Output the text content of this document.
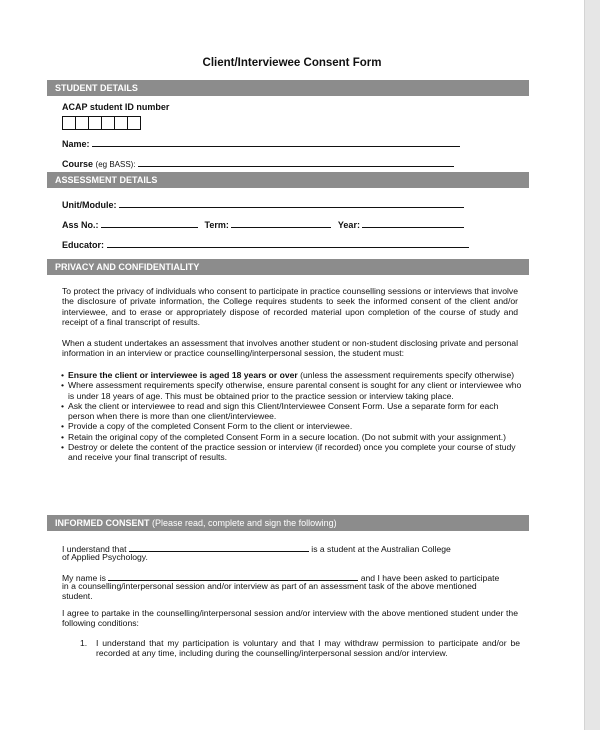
Client/Interviewee Consent Form
STUDENT DETAILS
ACAP student ID number
Name:
Course (eg BASS):
ASSESSMENT DETAILS
Unit/Module:
Ass No.:	Term:	Year:
Educator:
PRIVACY AND CONFIDENTIALITY
To protect the privacy of individuals who consent to participate in practice counselling sessions or interviews that involve the disclosure of private information, the College requires students to seek the informed consent of the client and/or interviewee, and to erase or appropriately dispose of recorded material upon completion of the course of study and receipt of a final transcript of results.
When a student undertakes an assessment that involves another student or non-student disclosing private and personal information in an interview or practice counselling/interpersonal session, the student must:
• Ensure the client or interviewee is aged 18 years or over (unless the assessment requirements specify otherwise)
• Where assessment requirements specify otherwise, ensure parental consent is sought for any client or interviewee who is under 18 years of age. This must be obtained prior to the practice session or interview taking place.
• Ask the client or interviewee to read and sign this Client/Interviewee Consent Form. Use a separate form for each person when there is more than one client/interviewee.
• Provide a copy of the completed Consent Form to the client or interviewee.
• Retain the original copy of the completed Consent Form in a secure location. (Do not submit with your assignment.)
• Destroy or delete the content of the practice session or interview (if recorded) once you complete your course of study and receive your final transcript of results.
INFORMED CONSENT (Please read, complete and sign the following)
I understand that	is a student at the Australian College
of Applied Psychology.
My name is	and I have been asked to participate
in a counselling/interpersonal session and/or interview as part of an assessment task of the above mentioned
student.
I agree to partake in the counselling/interpersonal session and/or interview with the above mentioned student under the following conditions:
1.	I understand that my participation is voluntary and that I may withdraw permission to participate and/or be recorded at any time, including during the counselling/interpersonal session and/or interview.
